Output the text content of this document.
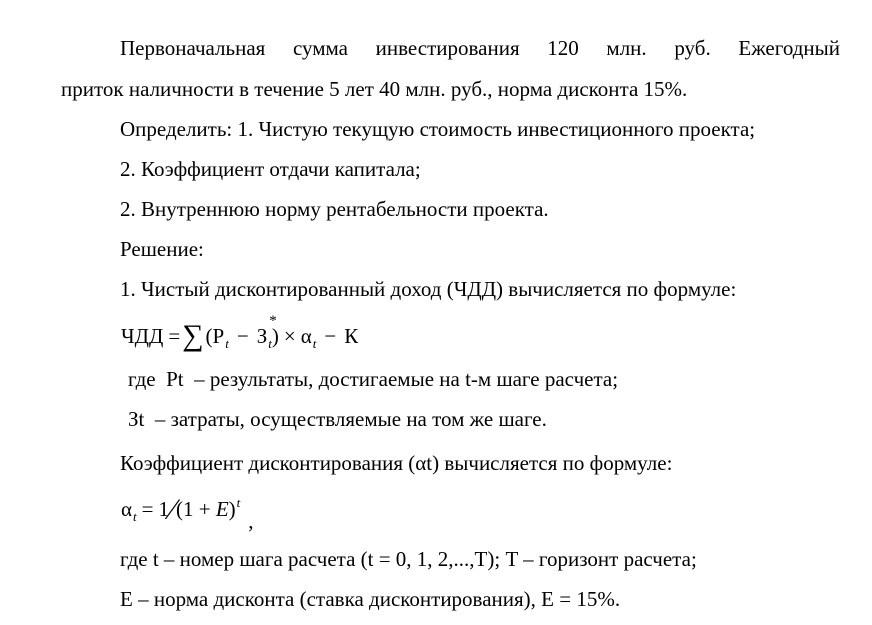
Первоначальная сумма инвестирования 120 млн. руб. Ежегодный
приток наличности в течение 5 лет 40 млн. руб., норма дисконта 15%.
Определить: 1. Чистую текущую стоимость инвестиционного проекта;
2. Коэффициент отдачи капитала;
2. Внутреннюю норму рентабельности проекта.
Решение:
1. Чистый дисконтированный доход (ЧДД) вычисляется по формуле:
ЧДД $=\sum(Р_t - З$
*
$_t) \times \alpha_t - К$
где  Pt  – результаты, достигаемые на t-м шаге расчета;
Зt  – затраты, осуществляемые на том же шаге.
Коэффициент дисконтирования (αt) вычисляется по формуле:
$\alpha_t$ = 1⁄(1 + E)$^t$,
где t – номер шага расчета (t = 0, 1, 2,...,T); T – горизонт расчета;
E – норма дисконта (ставка дисконтирования), E = 15%.
